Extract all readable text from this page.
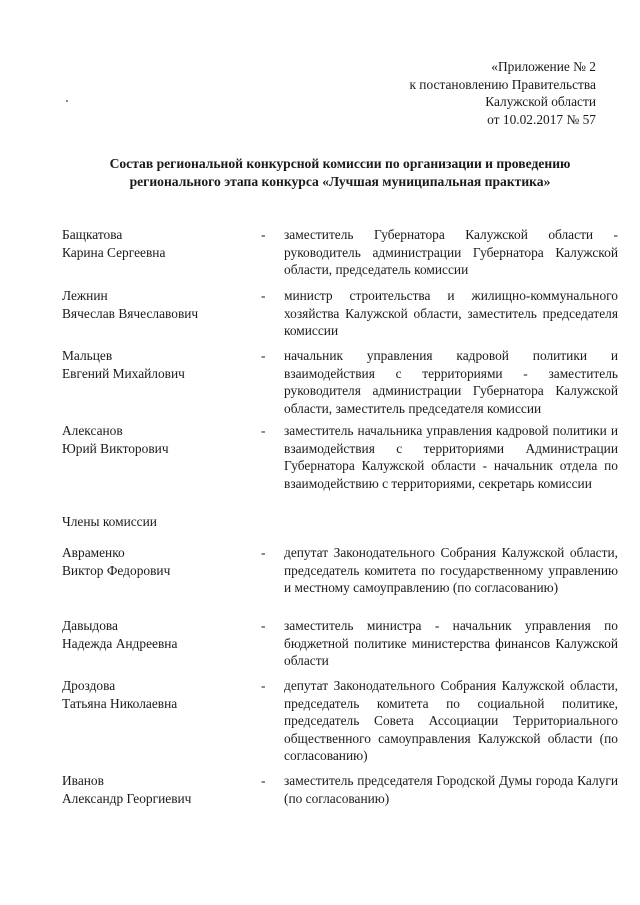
«Приложение № 2
к постановлению Правительства
Калужской области
от 10.02.2017 № 57
Состав региональной конкурсной комиссии по организации и проведению
регионального этапа конкурса «Лучшая муниципальная практика»
Бащкатова
Карина Сергеевна
- заместитель Губернатора Калужской области - руководитель администрации Губернатора Калужской области, председатель комиссии
Лежнин
Вячеслав Вячеславович
- министр строительства и жилищно-коммунального хозяйства Калужской области, заместитель председателя комиссии
Мальцев
Евгений Михайлович
- начальник управления кадровой политики и взаимодействия с территориями - заместитель руководителя администрации Губернатора Калужской области, заместитель председателя комиссии
Алексанов
Юрий Викторович
- заместитель начальника управления кадровой политики и взаимодействия с территориями Администрации Губернатора Калужской области - начальник отдела по взаимодействию с территориями, секретарь комиссии
Члены комиссии
Авраменко
Виктор Федорович
- депутат Законодательного Собрания Калужской области, председатель комитета по государственному управлению и местному самоуправлению (по согласованию)
Давыдова
Надежда Андреевна
- заместитель министра - начальник управления по бюджетной политике министерства финансов Калужской области
Дроздова
Татьяна Николаевна
- депутат Законодательного Собрания Калужской области, председатель комитета по социальной политике, председатель Совета Ассоциации Территориального общественного самоуправления Калужской области (по согласованию)
Иванов
Александр Георгиевич
- заместитель председателя Городской Думы города Калуги (по согласованию)
